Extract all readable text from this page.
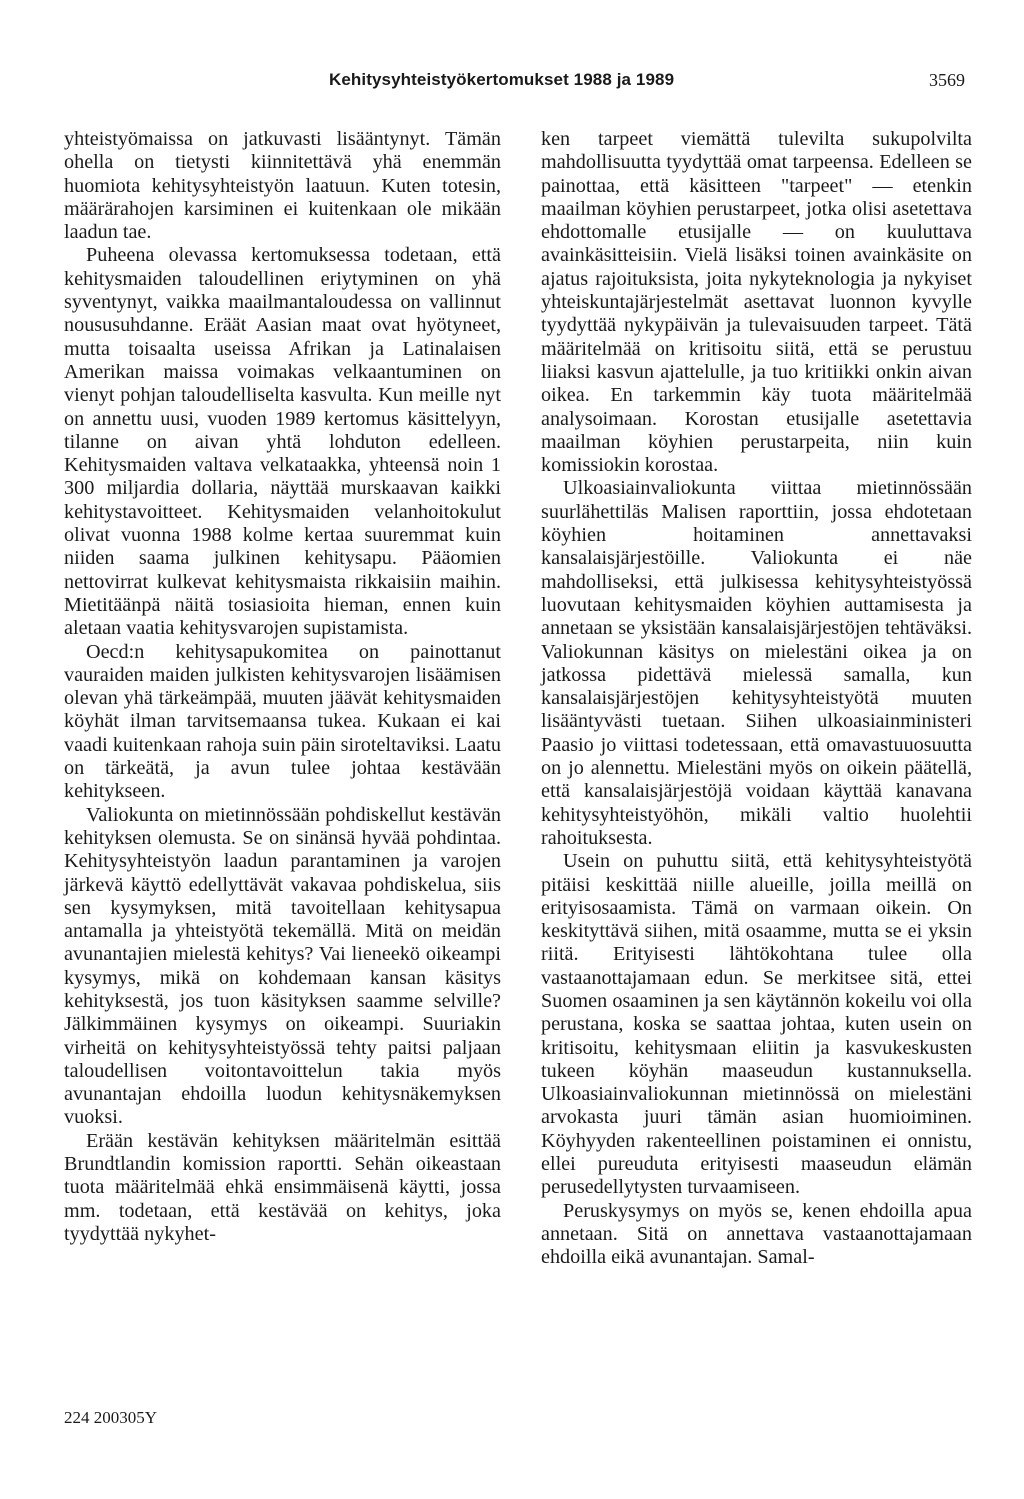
Kehitysyhteistyökertomukset 1988 ja 1989	3569

yhteistyömaissa on jatkuvasti lisääntynyt. Tämän ohella on tietysti kiinnitettävä yhä enemmän huomiota kehitysyhteistyön laatuun. Kuten totesin, määrärahojen karsiminen ei kuitenkaan ole mikään laadun tae.

Puheena olevassa kertomuksessa todetaan, että kehitysmaiden taloudellinen eriytyminen on yhä syventynyt, vaikka maailmantaloudessa on vallinnut noususuhdanne. Eräät Aasian maat ovat hyötyneet, mutta toisaalta useissa Afrikan ja Latinalaisen Amerikan maissa voimakas velkaantuminen on vienyt pohjan taloudelliselta kasvulta. Kun meille nyt on annettu uusi, vuoden 1989 kertomus käsittelyyn, tilanne on aivan yhtä lohduton edelleen. Kehitysmaiden valtava velkataakka, yhteensä noin 1 300 miljardia dollaria, näyttää murskaavan kaikki kehitystavoitteet. Kehitysmaiden velanhoitokulut olivat vuonna 1988 kolme kertaa suuremmat kuin niiden saama julkinen kehitysapu. Pääomien nettovirrat kulkevat kehitysmaista rikkaisiin maihin. Mietitäänpä näitä tosiasioita hieman, ennen kuin aletaan vaatia kehitysvarojen supistamista.

Oecd:n kehitysapukomitea on painottanut vauraiden maiden julkisten kehitysvarojen lisäämisen olevan yhä tärkeämpää, muuten jäävät kehitysmaiden köyhät ilman tarvitsemaansa tukea. Kukaan ei kai vaadi kuitenkaan rahoja suin päin siroteltaviksi. Laatu on tärkeätä, ja avun tulee johtaa kestävään kehitykseen.

Valiokunta on mietinnössään pohdiskellut kestävän kehityksen olemusta. Se on sinänsä hyvää pohdintaa. Kehitysyhteistyön laadun parantaminen ja varojen järkevä käyttö edellyttävät vakavaa pohdiskelua, siis sen kysymyksen, mitä tavoitellaan kehitysapua antamalla ja yhteistyötä tekemällä. Mitä on meidän avunantajien mielestä kehitys? Vai lieneekö oikeampi kysymys, mikä on kohdemaan kansan käsitys kehityksestä, jos tuon käsityksen saamme selville? Jälkimmäinen kysymys on oikeampi. Suuriakin virheitä on kehitysyhteistyössä tehty paitsi paljaan taloudellisen voitontavoittelun takia myös avunantajan ehdoilla luodun kehitysnäkemyksen vuoksi.

Erään kestävän kehityksen määritelmän esittää Brundtlandin komission raportti. Sehän oikeastaan tuota määritelmää ehkä ensimmäisenä käytti, jossa mm. todetaan, että kestävää on kehitys, joka tyydyttää nykyhet-

ken tarpeet viemättä tulevilta sukupolvilta mahdollisuutta tyydyttää omat tarpeensa. Edelleen se painottaa, että käsitteen "tarpeet" — etenkin maailman köyhien perustarpeet, jotka olisi asetettava ehdottomalle etusijalle — on kuuluttava avainkäsitteisiin. Vielä lisäksi toinen avainkäsite on ajatus rajoituksista, joita nykyteknologia ja nykyiset yhteiskuntajärjestelmät asettavat luonnon kyvylle tyydyttää nykypäivän ja tulevaisuuden tarpeet. Tätä määritelmää on kritisoitu siitä, että se perustuu liiaksi kasvun ajattelulle, ja tuo kritiikki onkin aivan oikea. En tarkemmin käy tuota määritelmää analysoimaan. Korostan etusijalle asetettavia maailman köyhien perustarpeita, niin kuin komissiokin korostaa.

Ulkoasiainvaliokunta viittaa mietinnössään suurlähettiläs Malisen raporttiin, jossa ehdotetaan köyhien hoitaminen annettavaksi kansalaisjärjestöille. Valiokunta ei näe mahdolliseksi, että julkisessa kehitysyhteistyössä luovutaan kehitysmaiden köyhien auttamisesta ja annetaan se yksistään kansalaisjärjestöjen tehtäväksi. Valiokunnan käsitys on mielestäni oikea ja on jatkossa pidettävä mielessä samalla, kun kansalaisjärjestöjen kehitysyhteistyötä muuten lisääntyvästi tuetaan. Siihen ulkoasiainministeri Paasio jo viittasi todetessaan, että omavastuuosuutta on jo alennettu. Mielestäni myös on oikein päätellä, että kansalaisjärjestöjä voidaan käyttää kanavana kehitysyhteistyöhön, mikäli valtio huolehtii rahoituksesta.

Usein on puhuttu siitä, että kehitysyhteistyötä pitäisi keskittää niille alueille, joilla meillä on erityisosaamista. Tämä on varmaan oikein. On keskityttävä siihen, mitä osaamme, mutta se ei yksin riitä. Erityisesti lähtökohtana tulee olla vastaanottajamaan edun. Se merkitsee sitä, ettei Suomen osaaminen ja sen käytännön kokeilu voi olla perustana, koska se saattaa johtaa, kuten usein on kritisoitu, kehitysmaan eliitin ja kasvukeskusten tukeen köyhän maaseudun kustannuksella. Ulkoasiainvaliokunnan mietinnössä on mielestäni arvokasta juuri tämän asian huomioiminen. Köyhyyden rakenteellinen poistaminen ei onnistu, ellei pureuduta erityisesti maaseudun elämän perusedellytysten turvaamiseen.

Peruskysymys on myös se, kenen ehdoilla apua annetaan. Sitä on annettava vastaanottajamaan ehdoilla eikä avunantajan. Samal-

224 200305Y
